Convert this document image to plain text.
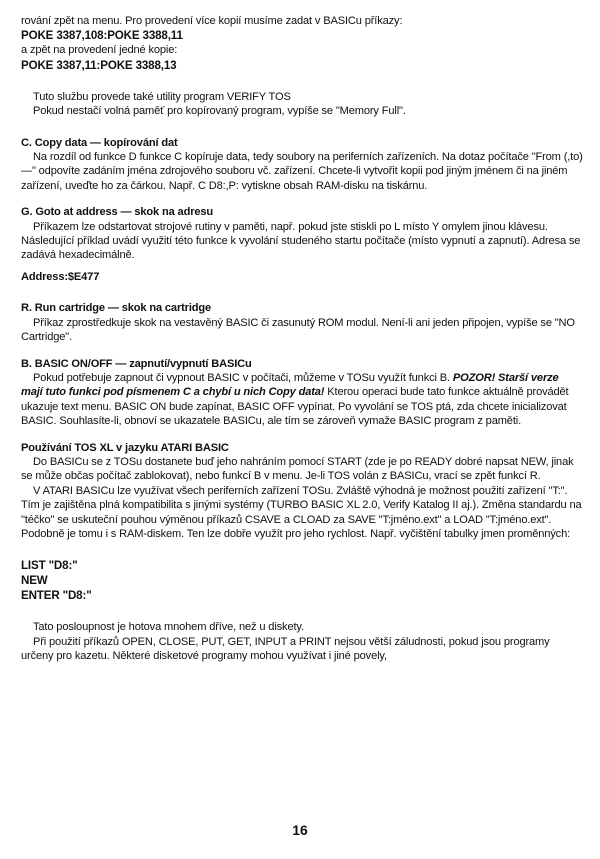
rování zpět na menu. Pro provedení více kopií musíme zadat v BASICu příkazy:

POKE 3387,108:POKE 3388,11

a zpět na provedení jedné kopie:

POKE 3387,11:POKE 3388,13

Tuto službu provede také utility program VERIFY TOS

Pokud nestačí volná paměť pro kopírovaný program, vypíše se "Memory Full".

C. Copy data — kopírování dat

Na rozdíl od funkce D funkce C kopíruje data, tedy soubory na periferních zařízeních. Na dotaz počítače "From (,to)—" odpovíte zadáním jména zdrojového souboru vč. zařízení. Chcete-li vytvořit kopii pod jiným jménem či na jiném zařízení, uveďte ho za čárkou. Např. C D8:,P: vytiskne obsah RAM-disku na tiskárnu.

G. Goto at address — skok na adresu

Příkazem lze odstartovat strojové rutiny v paměti, např. pokud jste stiskli po L místo Y omylem jinou klávesu. Následující příklad uvádí využití této funkce k vyvolání studeného startu počítače (místo vypnutí a zapnutí). Adresa se zadává hexadecimálně.

Address:$E477

R. Run cartridge — skok na cartridge

Příkaz zprostředkuje skok na vestavěný BASIC či zasunutý ROM modul. Není-li ani jeden připojen, vypíše se "NO Cartridge".

B. BASIC ON/OFF — zapnutí/vypnutí BASICu

Pokud potřebuje zapnout či vypnout BASIC v počítači, můžeme v TOSu využít funkci B. POZOR! Starší verze mají tuto funkci pod písmenem C a chybí u nich Copy data! Kterou operaci bude tato funkce aktuálně provádět ukazuje text menu. BASIC ON bude zapínat, BASIC OFF vypínat. Po vyvolání se TOS ptá, zda chcete inicializovat BASIC. Souhlasíte-li, obnoví se ukazatele BASICu, ale tím se zároveň vymaže BASIC program z paměti.

Používání TOS XL v jazyku ATARI BASIC

Do BASICu se z TOSu dostanete buď jeho nahráním pomocí START (zde je po READY dobré napsat NEW, jinak se může občas počítač zablokovat), nebo funkcí B v menu. Je-li TOS volán z BASICu, vrací se zpět funkcí R.

V ATARI BASICu lze využívat všech periferních zařízení TOSu. Zvláště výhodná je možnost použití zařízení "T:". Tím je zajištěna plná kompatibilita s jinými systémy (TURBO BASIC XL 2.0, Verify Katalog II aj.). Změna standardu na "téčko" se uskuteční pouhou výměnou příkazů CSAVE a CLOAD za SAVE "T:jméno.ext" a LOAD "T:jméno.ext". Podobně je tomu i s RAM-diskem. Ten lze dobře využít pro jeho rychlost. Např. vyčištění tabulky jmen proměnných:

LIST "D8:"

NEW

ENTER "D8:"

Tato posloupnost je hotova mnohem dříve, než u diskety.

Při použití příkazů OPEN, CLOSE, PUT, GET, INPUT a PRINT nejsou větší záludnosti, pokud jsou programy určeny pro kazetu. Některé disketové programy mohou využívat i jiné povely,

16
